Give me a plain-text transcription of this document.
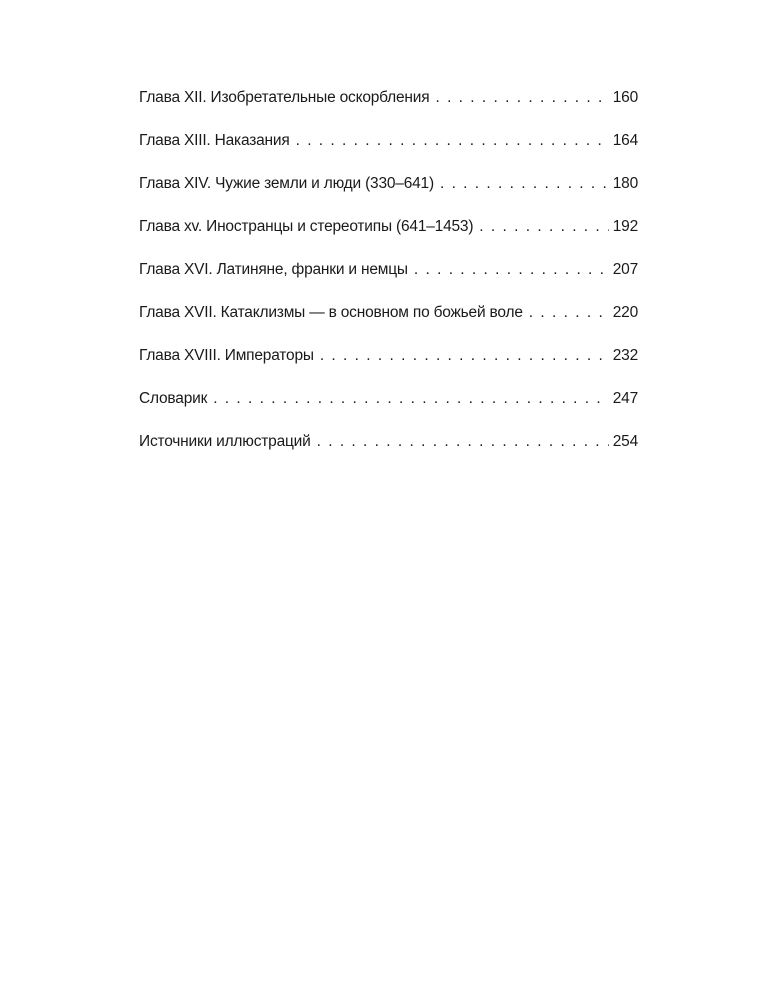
Глава XII. Изобретательные оскорбления . . .	160
Глава XIII. Наказания . . .	164
Глава XIV. Чужие земли и люди (330–641) . . .	180
Глава xv. Иностранцы и стереотипы (641–1453) . . .	192
Глава XVI. Латиняне, франки и немцы . . .	207
Глава XVII. Катаклизмы — в основном по божьей воле . . .	220
Глава XVIII. Императоры . . .	232
Словарик . . .	247
Источники иллюстраций . . .	254
